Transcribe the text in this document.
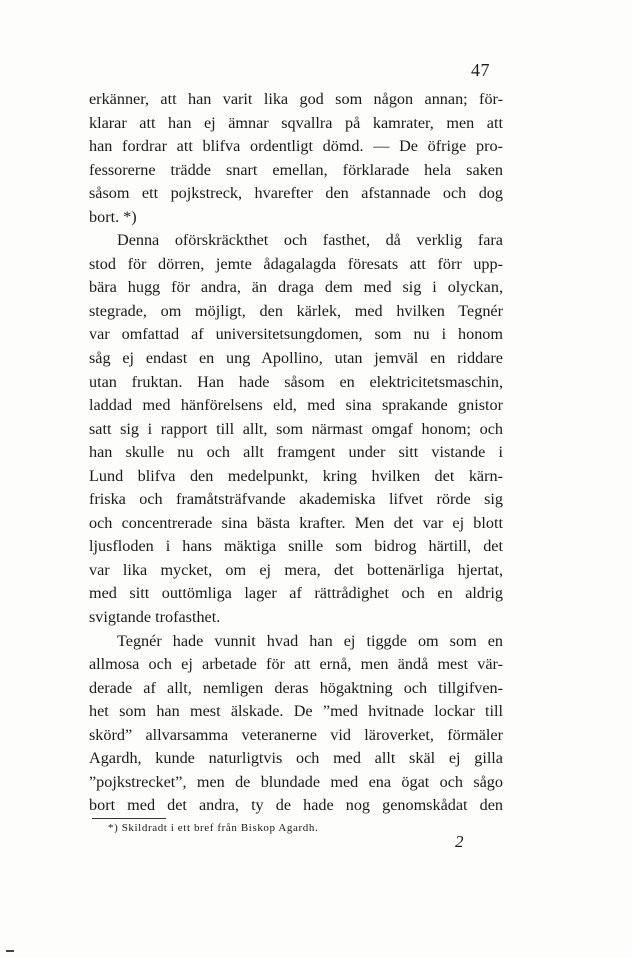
47
erkänner, att han varit lika god som någon annan; för-
klarar att han ej ämnar sqvallra på kamrater, men att
han fordrar att blifva ordentligt dömd. — De öfrige pro-
fessorerne trädde snart emellan, förklarade hela saken
såsom ett pojkstreck, hvarefter den afstannade och dog
bort. *)
Denna oförskräckthet och fasthet, då verklig fara
stod för dörren, jemte ådagalagda föresats att förr upp-
bära hugg för andra, än draga dem med sig i olyckan,
stegrade, om möjligt, den kärlek, med hvilken Tegnér
var omfattad af universitetsungdomen, som nu i honom
såg ej endast en ung Apollino, utan jemväl en riddare
utan fruktan. Han hade såsom en elektricitetsmaschin,
laddad med hänförelsens eld, med sina sprakande gnistor
satt sig i rapport till allt, som närmast omgaf honom; och
han skulle nu och allt framgent under sitt vistande i
Lund blifva den medelpunkt, kring hvilken det kärn-
friska och framåtsträfvande akademiska lifvet rörde sig
och concentrerade sina bästa krafter. Men det var ej blott
ljusfloden i hans mäktiga snille som bidrog härtill, det
var lika mycket, om ej mera, det bottenärliga hjertat,
med sitt outtömliga lager af rättrådighet och en aldrig
svigtande trofasthet.
Tegnér hade vunnit hvad han ej tiggde om som en
allmosa och ej arbetade för att ernå, men ändå mest vär-
derade af allt, nemligen deras högaktning och tillgifven-
het som han mest älskade. De ”med hvitnade lockar till
skörd” allvarsamma veteranerne vid läroverket, förmäler
Agardh, kunde naturligtvis och med allt skäl ej gilla
”pojkstrecket”, men de blundade med ena ögat och sågo
bort med det andra, ty de hade nog genomskådat den
*) Skildradt i ett bref från Biskop Agardh.
2
